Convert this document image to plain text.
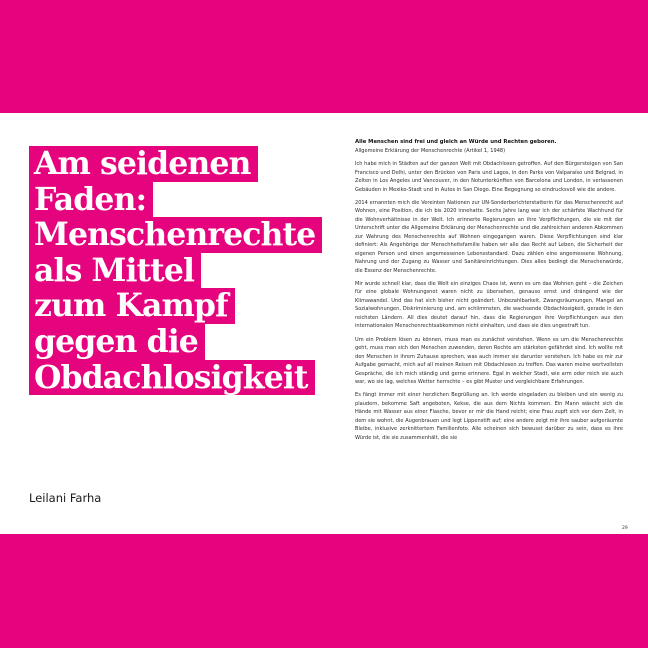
Am seidenen
Faden:
Menschenrechte
als Mittel
zum Kampf
gegen die
Obdachlosigkeit
Leilani Farha

Alle Menschen sind frei und gleich an Würde und Rechten geboren.
Allgemeine Erklärung der Menschenrechte (Artikel 1, 1948)

Ich habe mich in Städten auf der ganzen Welt mit Obdachlosen getroffen. Auf den Bürgersteigen von San Francisco und Delhi, unter den Brücken von Paris und Lagos, in den Parks von Valparaíso und Belgrad, in Zelten in Los Angeles und Vancouver, in den Notunterkünften von Barcelona und London, in verlassenen Gebäuden in Mexiko-Stadt und in Autos in San Diego. Eine Begegnung so eindrucksvoll wie die andere.

2014 ernannten mich die Vereinten Nationen zur UN-Sonderberichterstatterin für das Menschenrecht auf Wohnen, eine Position, die ich bis 2020 innehatte. Sechs Jahre lang war ich der schärfste Wachhund für die Wohnverhältnisse in der Welt. Ich erinnerte Regierungen an ihre Verpflichtungen, die sie mit der Unterschrift unter die Allgemeine Erklärung der Menschenrechte und die zahlreichen anderen Abkommen zur Wahrung des Menschenrechts auf Wohnen eingegangen waren. Diese Verpflichtungen sind klar definiert: Als Angehörige der Menschheitsfamilie haben wir alle das Recht auf Leben, die Sicherheit der eigenen Person und einen angemessenen Lebensstandard. Dazu zählen eine angemessene Wohnung, Nahrung und der Zugang zu Wasser und Sanitäreinrichtungen. Dies alles bedingt die Menschenwürde, die Essenz der Menschenrechte.

Mir wurde schnell klar, dass die Welt ein einziges Chaos ist, wenn es um das Wohnen geht – die Zeichen für eine globale Wohnungsnot waren nicht zu übersehen, genauso ernst und drängend wie der Klimawandel. Und das hat sich bisher nicht geändert. Unbezahlbarkeit, Zwangsräumungen, Mangel an Sozialwohnungen, Diskriminierung und, am schlimmsten, die wachsende Obdachlosigkeit, gerade in den reichsten Ländern. All dies deutet darauf hin, dass die Regierungen ihre Verpflichtungen aus den internationalen Menschenrechtsabkommen nicht einhalten, und dass sie dies ungestraft tun.

Um ein Problem lösen zu können, muss man es zunächst verstehen. Wenn es um die Menschenrechte geht, muss man sich den Menschen zuwenden, deren Rechte am stärksten gefährdet sind. Ich wollte mit den Menschen in ihrem Zuhause sprechen, was auch immer sie darunter verstehen. Ich habe es mir zur Aufgabe gemacht, mich auf all meinen Reisen mit Obdachlosen zu treffen. Das waren meine wertvollsten Gespräche, die ich mich ständig und gerne erinnere. Egal in welcher Stadt, wie arm oder reich sie auch war, wo sie lag, welches Wetter herrschte – es gibt Muster und vergleichbare Erfahrungen.

Es fängt immer mit einer herzlichen Begrüßung an. Ich werde eingeladen zu bleiben und ein wenig zu plaudern, bekomme Saft angeboten, Kekse, die aus dem Nichts kommen. Ein Mann wäscht sich die Hände mit Wasser aus einer Flasche, bevor er mir die Hand reicht; eine Frau zupft sich vor dem Zelt, in dem sie wohnt, die Augenbrauen und legt Lippenstift auf; eine andere zeigt mir ihre sauber aufgeräumte Bleibe, inklusive zerknittertem Familienfoto. Alle scheinen sich bewusst darüber zu sein, dass es ihre Würde ist, die sie zusammenhält, die sie

29
